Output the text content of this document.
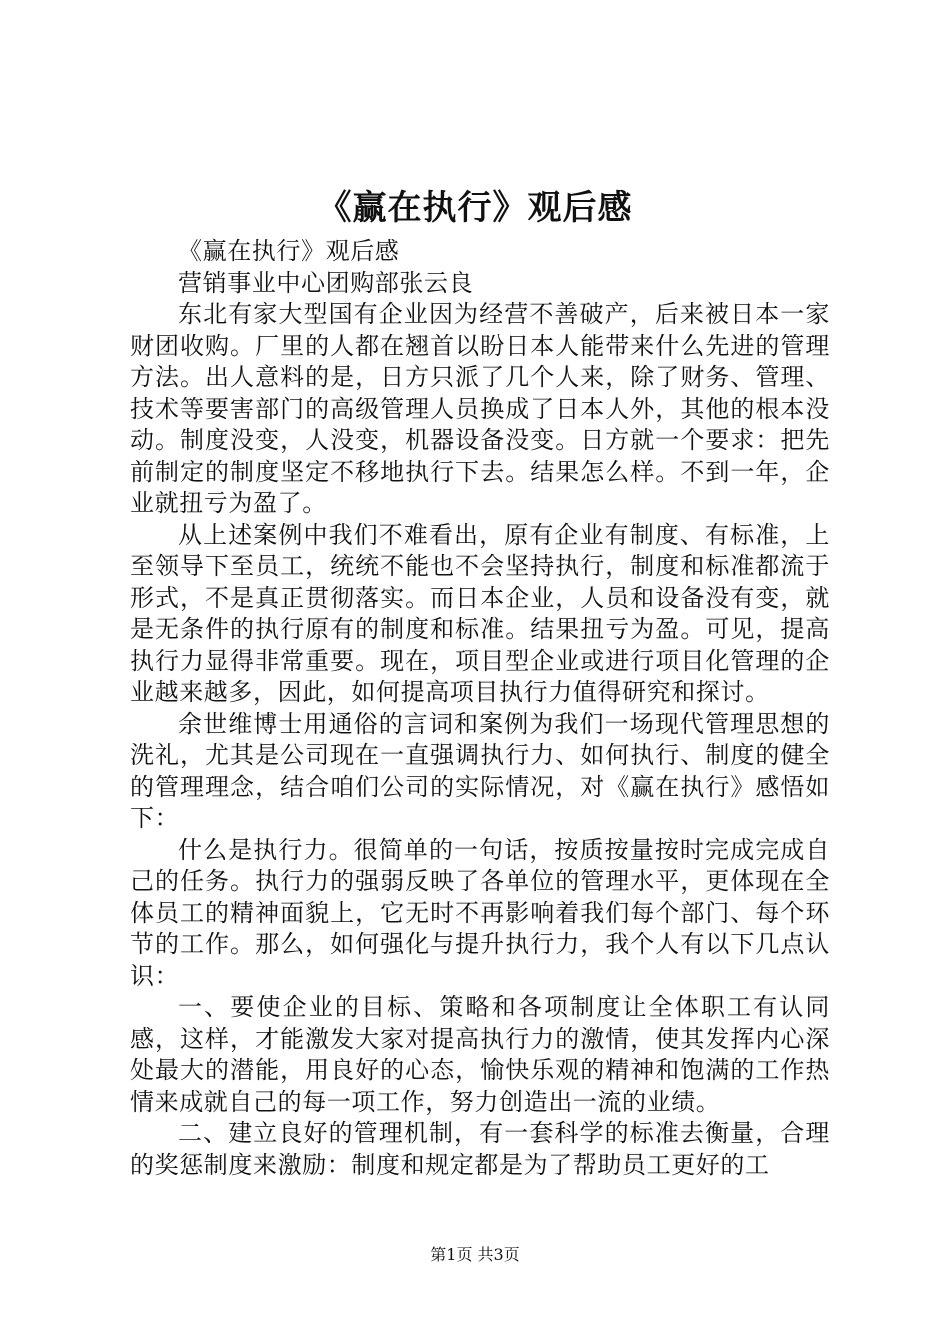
《赢在执行》观后感

《赢在执行》观后感

营销事业中心团购部张云良

东北有家大型国有企业因为经营不善破产，后来被日本一家财团收购。厂里的人都在翘首以盼日本人能带来什么先进的管理方法。出人意料的是，日方只派了几个人来，除了财务、管理、技术等要害部门的高级管理人员换成了日本人外，其他的根本没动。制度没变，人没变，机器设备没变。日方就一个要求：把先前制定的制度坚定不移地执行下去。结果怎么样。不到一年，企业就扭亏为盈了。

从上述案例中我们不难看出，原有企业有制度、有标准，上至领导下至员工，统统不能也不会坚持执行，制度和标准都流于形式，不是真正贯彻落实。而日本企业，人员和设备没有变，就是无条件的执行原有的制度和标准。结果扭亏为盈。可见，提高执行力显得非常重要。现在，项目型企业或进行项目化管理的企业越来越多，因此，如何提高项目执行力值得研究和探讨。

余世维博士用通俗的言词和案例为我们一场现代管理思想的洗礼，尤其是公司现在一直强调执行力、如何执行、制度的健全的管理理念，结合咱们公司的实际情况，对《赢在执行》感悟如下：

什么是执行力。很简单的一句话，按质按量按时完成完成自己的任务。执行力的强弱反映了各单位的管理水平，更体现在全体员工的精神面貌上，它无时不再影响着我们每个部门、每个环节的工作。那么，如何强化与提升执行力，我个人有以下几点认识：

一、要使企业的目标、策略和各项制度让全体职工有认同感，这样，才能激发大家对提高执行力的激情，使其发挥内心深处最大的潜能，用良好的心态，愉快乐观的精神和饱满的工作热情来成就自己的每一项工作，努力创造出一流的业绩。

二、建立良好的管理机制，有一套科学的标准去衡量，合理的奖惩制度来激励：制度和规定都是为了帮助员工更好的工

第1页 共3页
